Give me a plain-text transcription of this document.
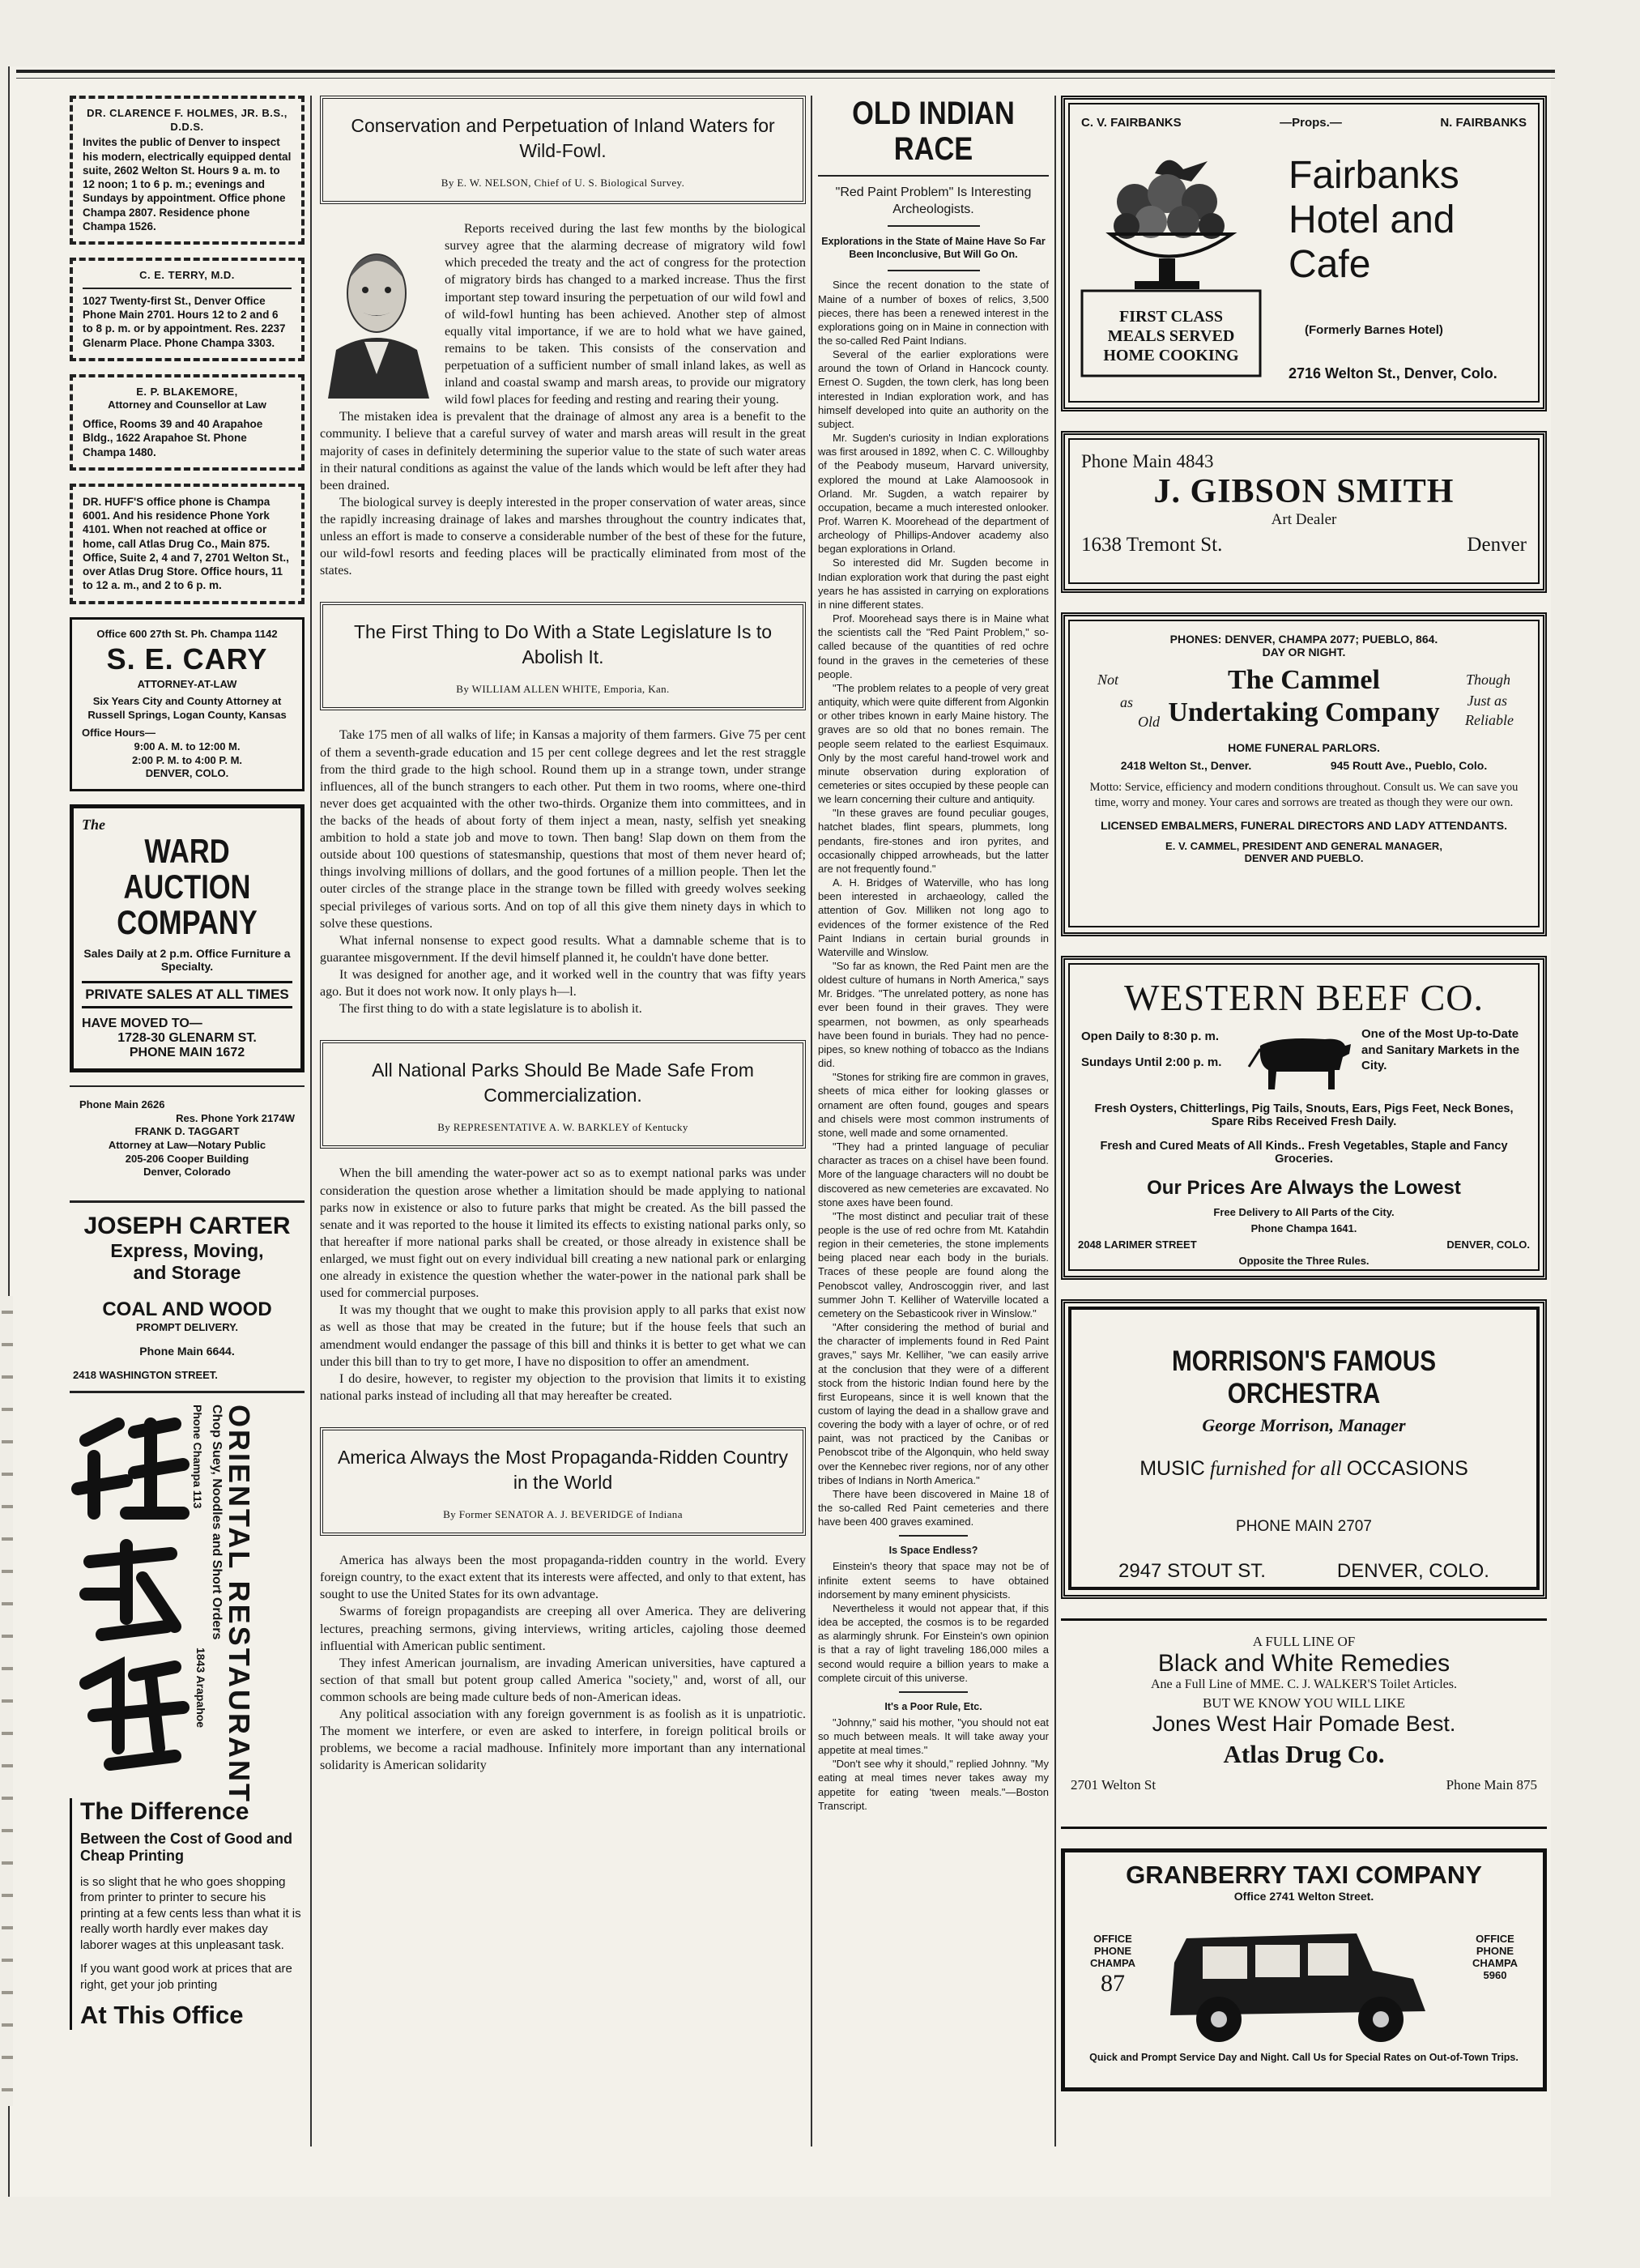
DR. CLARENCE F. HOLMES, JR. B.S., D.D.S.

Invites the public of Denver to inspect his modern, electrically equipped dental suite, 2602 Welton St. Hours 9 a. m. to 12 noon; 1 to 6 p. m.; evenings and Sundays by appointment. Office phone Champa 2807. Residence phone Champa 1526.

C. E. TERRY, M.D.

1027 Twenty-first St., Denver Office Phone Main 2701. Hours 12 to 2 and 6 to 8 p. m. or by appointment. Res. 2237 Glenarm Place. Phone Champa 3303.

E. P. BLAKEMORE,
Attorney and Counsellor at Law

Office, Rooms 39 and 40 Arapahoe Bldg., 1622 Arapahoe St. Phone Champa 1480.

DR. HUFF'S office phone is Champa 6001. And his residence Phone York 4101. When not reached at office or home, call Atlas Drug Co., Main 875. Office, Suite 2, 4 and 7, 2701 Welton St., over Atlas Drug Store. Office hours, 11 to 12 a. m., and 2 to 6 p. m.

Office 600 27th St. Ph. Champa 1142
S. E. CARY
ATTORNEY-AT-LAW
Six Years City and County Attorney at Russell Springs, Logan County, Kansas
Office Hours—
9:00 A. M. to 12:00 M.
2:00 P. M. to 4:00 P. M.
DENVER, COLO.
The
WARD AUCTION
COMPANY
Sales Daily at 2 p.m. Office Furniture a Specialty.
PRIVATE SALES AT ALL TIMES
HAVE MOVED TO—
1728-30 GLENARM ST.
PHONE MAIN 1672
Phone Main 2626
Res. Phone York 2174W
FRANK D. TAGGART
Attorney at Law—Notary Public
205-206 Cooper Building
Denver, Colorado
JOSEPH CARTER
Express, Moving,
and Storage
COAL AND WOOD
PROMPT DELIVERY.
Phone Main 6644.
2418 WASHINGTON STREET.
ORIENTAL RESTAURANT
Chop Suey, Noodles and Short Orders
Phone Champa 113
1843 Arapahoe
The Difference
Between the Cost of Good and Cheap Printing
is so slight that he who goes shopping from printer to printer to secure his printing at a few cents less than what it is really worth hardly ever makes day laborer wages at this unpleasant task.
If you want good work at prices that are right, get your job printing
At This Office
Conservation and Perpetuation of Inland Waters for Wild-Fowl.
By E. W. NELSON, Chief of U. S. Biological Survey.

Reports received during the last few months by the biological survey agree that the alarming decrease of migratory wild fowl which preceded the treaty and the act of congress for the protection of migratory birds has changed to a marked increase. Thus the first important step toward insuring the perpetuation of our wild fowl and of wild-fowl hunting has been achieved. Another step of almost equally vital importance, if we are to hold what we have gained, remains to be taken. This consists of the conservation and perpetuation of a sufficient number of small inland lakes, as well as inland and coastal swamp and marsh areas, to provide our migratory wild fowl places for feeding and resting and rearing their young.

The mistaken idea is prevalent that the drainage of almost any area is a benefit to the community. I believe that a careful survey of water and marsh areas will result in the great majority of cases in definitely determining the superior value to the state of such water areas in their natural conditions as against the value of the lands which would be left after they had been drained.

The biological survey is deeply interested in the proper conservation of water areas, since the rapidly increasing drainage of lakes and marshes throughout the country indicates that, unless an effort is made to conserve a considerable number of the best of these for the future, our wild-fowl resorts and feeding places will be practically eliminated from most of the states.

The First Thing to Do With a State Legislature Is to Abolish It.
By WILLIAM ALLEN WHITE, Emporia, Kan.

Take 175 men of all walks of life; in Kansas a majority of them farmers. Give 75 per cent of them a seventh-grade education and 15 per cent college degrees and let the rest straggle from the third grade to the high school. Round them up in a strange town, under strange influences, all of the bunch strangers to each other. Put them in two rooms, where one-third never does get acquainted with the other two-thirds. Organize them into committees, and in the backs of the heads of about forty of them inject a mean, nasty, selfish yet sneaking ambition to hold a state job and move to town. Then bang! Slap down on them from the outside about 100 questions of statesmanship, questions that most of them never heard of; things involving millions of dollars, and the good fortunes of a million people. Then let the outer circles of the strange place in the strange town be filled with greedy wolves seeking special privileges of various sorts. And on top of all this give them ninety days in which to solve these questions.

What infernal nonsense to expect good results. What a damnable scheme that is to guarantee misgovernment. If the devil himself planned it, he couldn't have done better.

It was designed for another age, and it worked well in the country that was fifty years ago. But it does not work now. It only plays h—l.

The first thing to do with a state legislature is to abolish it.

All National Parks Should Be Made Safe From Commercialization.
By REPRESENTATIVE A. W. BARKLEY of Kentucky

When the bill amending the water-power act so as to exempt national parks was under consideration the question arose whether a limitation should be made applying to national parks now in existence or also to future parks that might be created. As the bill passed the senate and it was reported to the house it limited its effects to existing national parks only, so that hereafter if more national parks shall be created, or those already in existence shall be enlarged, we must fight out on every individual bill creating a new national park or enlarging one already in existence the question whether the water-power in the national park shall be used for commercial purposes.

It was my thought that we ought to make this provision apply to all parks that exist now as well as those that may be created in the future; but if the house feels that such an amendment would endanger the passage of this bill and thinks it is better to get what we can under this bill than to try to get more, I have no disposition to offer an amendment.

I do desire, however, to register my objection to the provision that limits it to existing national parks instead of including all that may hereafter be created.

America Always the Most Propaganda-Ridden Country in the World
By Former SENATOR A. J. BEVERIDGE of Indiana

America has always been the most propaganda-ridden country in the world. Every foreign country, to the exact extent that its interests were affected, and only to that extent, has sought to use the United States for its own advantage.

Swarms of foreign propagandists are creeping all over America. They are delivering lectures, preaching sermons, giving interviews, writing articles, cajoling those deemed influential with American public sentiment.

They infest American journalism, are invading American universities, have captured a section of that small but potent group called America "society," and, worst of all, our common schools are being made culture beds of non-American ideas.

Any political association with any foreign government is as foolish as it is unpatriotic. The moment we interfere, or even are asked to interfere, in foreign political broils or problems, we become a racial madhouse. Infinitely more important than any international solidarity is American solidarity

OLD INDIAN RACE
"Red Paint Problem" Is Interesting Archeologists.
Explorations in the State of Maine Have So Far Been Inconclusive, But Will Go On.

Since the recent donation to the state of Maine of a number of boxes of relics, 3,500 pieces, there has been a renewed interest in the explorations going on in Maine in connection with the so-called Red Paint Indians.

Several of the earlier explorations were around the town of Orland in Hancock county. Ernest O. Sugden, the town clerk, has long been interested in Indian exploration work, and has himself developed into quite an authority on the subject.

Mr. Sugden's curiosity in Indian explorations was first aroused in 1892, when C. C. Willoughby of the Peabody museum, Harvard university, explored the mound at Lake Alamoosook in Orland. Mr. Sugden, a watch repairer by occupation, became a much interested onlooker. Prof. Warren K. Moorehead of the department of archeology of Phillips-Andover academy also began explorations in Orland.

So interested did Mr. Sugden become in Indian exploration work that during the past eight years he has assisted in carrying on explorations in nine different states.

Prof. Moorehead says there is in Maine what the scientists call the "Red Paint Problem," so-called because of the quantities of red ochre found in the graves in the cemeteries of these people.

"The problem relates to a people of very great antiquity, which were quite different from Algonkin or other tribes known in early Maine history. The graves are so old that no bones remain. The people seem related to the earliest Esquimaux. Only by the most careful hand-trowel work and minute observation during exploration of cemeteries or sites occupied by these people can we learn concerning their culture and antiquity.

"In these graves are found peculiar gouges, hatchet blades, flint spears, plummets, long pendants, fire-stones and iron pyrites, and occasionally chipped arrowheads, but the latter are not frequently found."

A. H. Bridges of Waterville, who has long been interested in archaeology, called the attention of Gov. Milliken not long ago to evidences of the former existence of the Red Paint Indians in certain burial grounds in Waterville and Winslow.

"So far as known, the Red Paint men are the oldest culture of humans in North America," says Mr. Bridges. "The unrelated pottery, as none has ever been found in their graves. They were spearmen, not bowmen, as only spearheads have been found in burials. They had no pence-pipes, so knew nothing of tobacco as the Indians did.

"Stones for striking fire are common in graves, sheets of mica either for looking glasses or ornament are often found, gouges and spears and chisels were most common instruments of stone, well made and some ornamented.

"They had a printed language of peculiar character as traces on a chisel have been found. More of the language characters will no doubt be discovered as new cemeteries are excavated. No stone axes have been found.

"The most distinct and peculiar trait of these people is the use of red ochre from Mt. Katahdin region in their cemeteries, the stone implements being placed near each body in the burials. Traces of these people are found along the Penobscot valley, Androscoggin river, and last summer John T. Kelliher of Waterville located a cemetery on the Sebasticook river in Winslow."

"After considering the method of burial and the character of implements found in Red Paint graves," says Mr. Kelliher, "we can easily arrive at the conclusion that they were of a different stock from the historic Indian found here by the first Europeans, since it is well known that the custom of laying the dead in a shallow grave and covering the body with a layer of ochre, or of red paint, was not practiced by the Canibas or Penobscot tribe of the Algonquin, who held sway over the Kennebec river regions, nor of any other tribes of Indians in North America."

There have been discovered in Maine 18 of the so-called Red Paint cemeteries and there have been 400 graves examined.

Is Space Endless?

Einstein's theory that space may not be of infinite extent seems to have obtained indorsement by many eminent physicists.

Nevertheless it would not appear that, if this idea be accepted, the cosmos is to be regarded as alarmingly shrunk. For Einstein's own opinion is that a ray of light traveling 186,000 miles a second would require a billion years to make a complete circuit of this universe.

It's a Poor Rule, Etc.

"Johnny," said his mother, "you should not eat so much between meals. It will take away your appetite at meal times."

"Don't see why it should," replied Johnny. "My eating at meal times never takes away my appetite for eating 'tween meals."—Boston Transcript.

C. V. FAIRBANKS	—Props.—	N. FAIRBANKS
FIRST CLASS
MEALS SERVED
HOME COOKING
Fairbanks
Hotel and
Cafe
(Formerly Barnes Hotel)
2716 Welton St., Denver, Colo.
Phone Main 4843
J. GIBSON SMITH
Art Dealer
1638 Tremont St.	Denver
PHONES: DENVER, CHAMPA 2077; PUEBLO, 864.
DAY OR NIGHT.
Not
as
Old
The Cammel
Undertaking Company
Though
Just as
Reliable
HOME FUNERAL PARLORS.
2418 Welton St., Denver.	945 Routt Ave., Pueblo, Colo.
Motto: Service, efficiency and modern conditions throughout. Consult us. We can save you time, worry and money. Your cares and sorrows are treated as though they were our own.
LICENSED EMBALMERS, FUNERAL DIRECTORS AND LADY ATTENDANTS.
E. V. CAMMEL, PRESIDENT AND GENERAL MANAGER,
DENVER AND PUEBLO.
WESTERN BEEF CO.
Open Daily to 8:30 p. m.
Sundays Until 2:00 p. m.
One of the Most Up-to-Date and Sanitary Markets in the City.
Fresh Oysters, Chitterlings, Pig Tails, Snouts, Ears, Pigs Feet, Neck Bones, Spare Ribs Received Fresh Daily.
Fresh and Cured Meats of All Kinds.. Fresh Vegetables, Staple and Fancy Groceries.
Our Prices Are Always the Lowest
Free Delivery to All Parts of the City.
Phone Champa 1641.
2048 LARIMER STREET	DENVER, COLO.
Opposite the Three Rules.
MORRISON'S FAMOUS ORCHESTRA
George Morrison, Manager
MUSIC furnished for all OCCASIONS
PHONE MAIN 2707
2947 STOUT ST.	DENVER, COLO.
A FULL LINE OF
Black and White Remedies
Ane a Full Line of MME. C. J. WALKER'S Toilet Articles.
BUT WE KNOW YOU WILL LIKE
Jones West Hair Pomade Best.
Atlas Drug Co.
2701 Welton St	Phone Main 875
GRANBERRY TAXI COMPANY
Office 2741 Welton Street.
OFFICE
PHONE
CHAMPA
87
OFFICE
PHONE
CHAMPA
5960
Quick and Prompt Service Day and Night. Call Us for Special Rates on Out-of-Town Trips.
